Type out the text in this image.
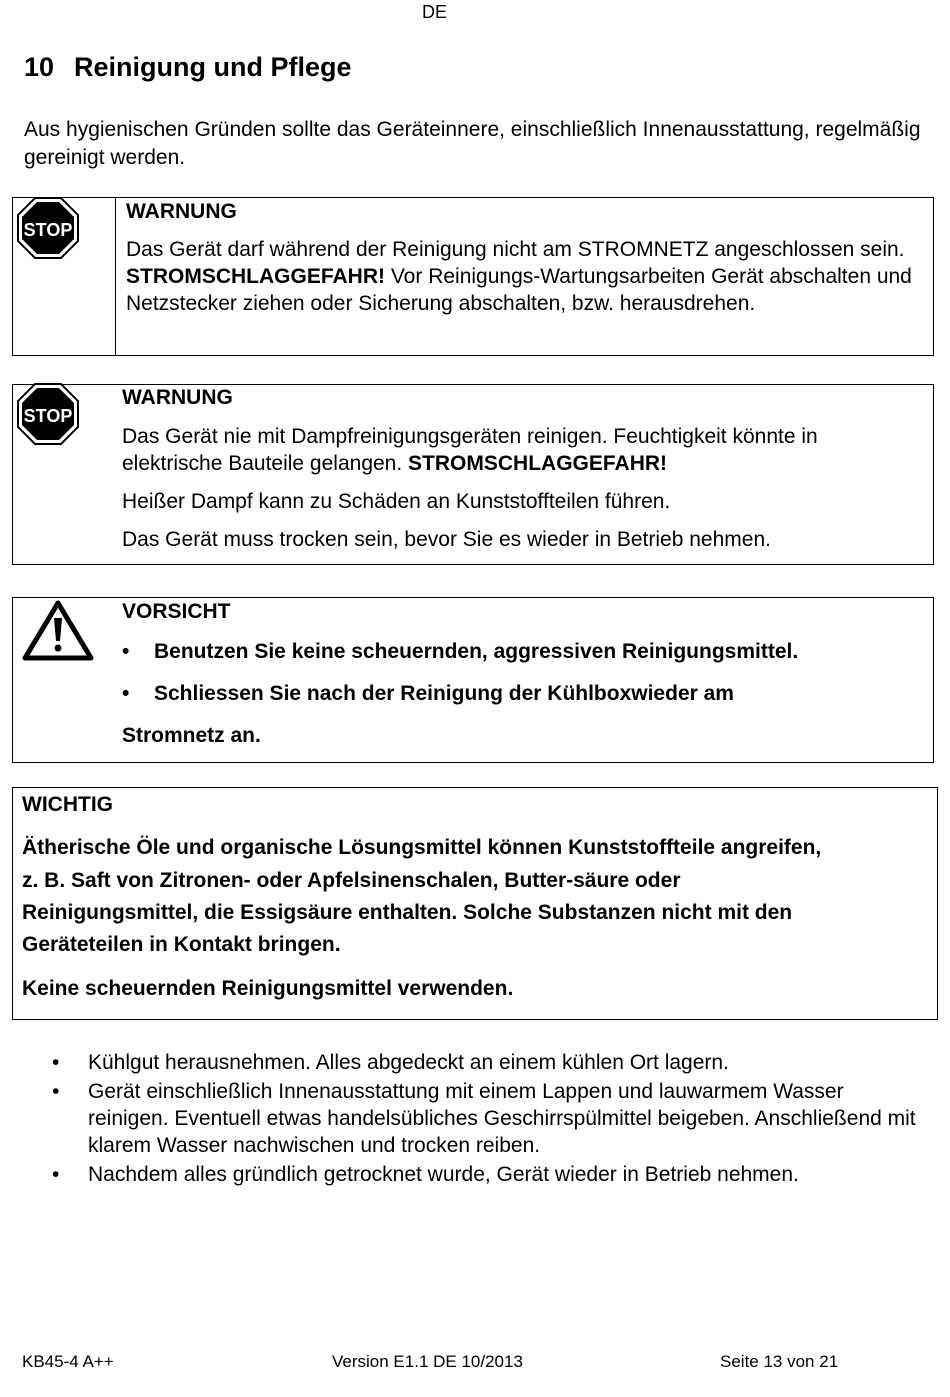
DE
10 Reinigung und Pflege
Aus hygienischen Gründen sollte das Geräteinnere, einschließlich Innenausstattung, regelmäßig gereinigt werden.
STOP
WARNUNG
Das Gerät darf während der Reinigung nicht am STROMNETZ angeschlossen sein. STROMSCHLAGGEFAHR! Vor Reinigungs-Wartungsarbeiten Gerät abschalten und Netzstecker ziehen oder Sicherung abschalten, bzw. herausdrehen.
STOP
WARNUNG
Das Gerät nie mit Dampfreinigungsgeräten reinigen. Feuchtigkeit könnte in elektrische Bauteile gelangen. STROMSCHLAGGEFAHR!
Heißer Dampf kann zu Schäden an Kunststoffteilen führen.
Das Gerät muss trocken sein, bevor Sie es wieder in Betrieb nehmen.
VORSICHT
• Benutzen Sie keine scheuernden, aggressiven Reinigungsmittel.
• Schliessen Sie nach der Reinigung der Kühlboxwieder am
Stromnetz an.
WICHTIG
Ätherische Öle und organische Lösungsmittel können Kunststoffteile angreifen,
z. B. Saft von Zitronen- oder Apfelsinenschalen, Butter-säure oder
Reinigungsmittel, die Essigsäure enthalten. Solche Substanzen nicht mit den
Geräteteilen in Kontakt bringen.
Keine scheuernden Reinigungsmittel verwenden.
• Kühlgut herausnehmen. Alles abgedeckt an einem kühlen Ort lagern.
• Gerät einschließlich Innenausstattung mit einem Lappen und lauwarmem Wasser reinigen. Eventuell etwas handelsübliches Geschirrspülmittel beigeben. Anschließend mit klarem Wasser nachwischen und trocken reiben.
• Nachdem alles gründlich getrocknet wurde, Gerät wieder in Betrieb nehmen.
KB45-4 A++	Version E1.1 DE 10/2013	Seite 13 von 21
